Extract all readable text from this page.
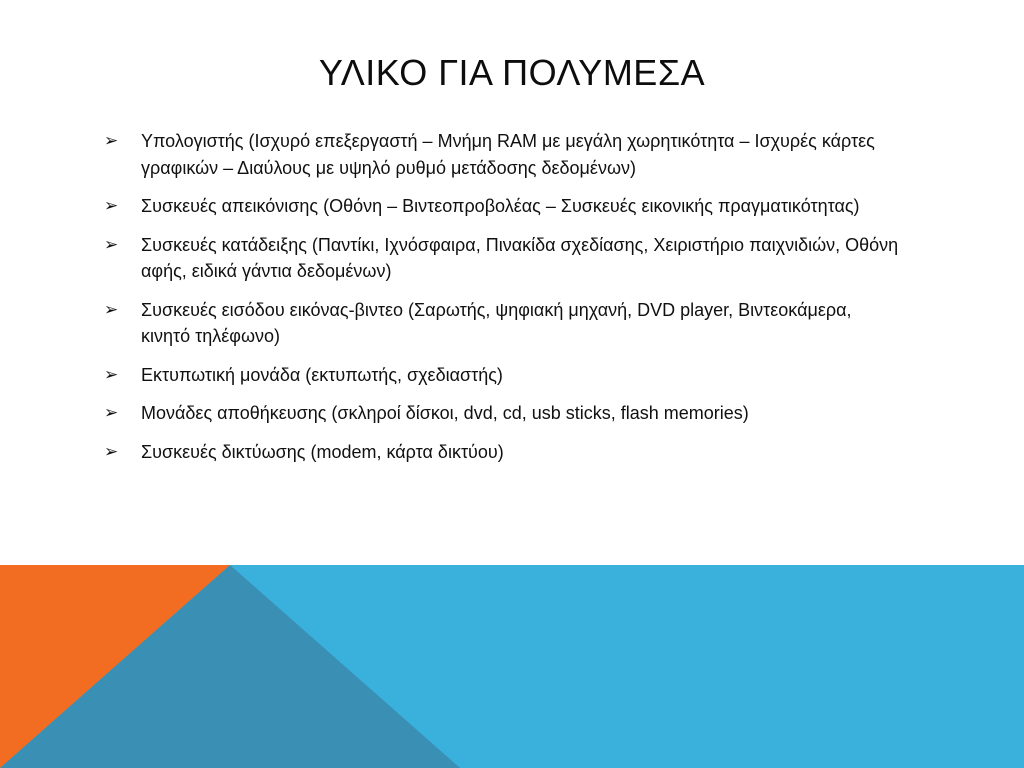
ΥΛΙΚΟ ΓΙΑ ΠΟΛΥΜΕΣΑ
➢ Υπολογιστής (Ισχυρό επεξεργαστή – Μνήμη RAM με μεγάλη χωρητικότητα – Ισχυρές κάρτες γραφικών – Διαύλους με υψηλό ρυθμό μετάδοσης δεδομένων)
➢ Συσκευές απεικόνισης (Οθόνη – Βιντεοπροβολέας – Συσκευές εικονικής πραγματικότητας)
➢ Συσκευές κατάδειξης (Παντίκι, Ιχνόσφαιρα, Πινακίδα σχεδίασης, Χειριστήριο παιχνιδιών, Οθόνη αφής, ειδικά γάντια δεδομένων)
➢ Συσκευές εισόδου εικόνας-βιντεο (Σαρωτής, ψηφιακή μηχανή, DVD player, Βιντεοκάμερα, κινητό τηλέφωνο)
➢ Εκτυπωτική μονάδα (εκτυπωτής, σχεδιαστής)
➢ Μονάδες αποθήκευσης (σκληροί δίσκοι, dvd, cd, usb sticks, flash memories)
➢ Συσκευές δικτύωσης (modem, κάρτα δικτύου)
